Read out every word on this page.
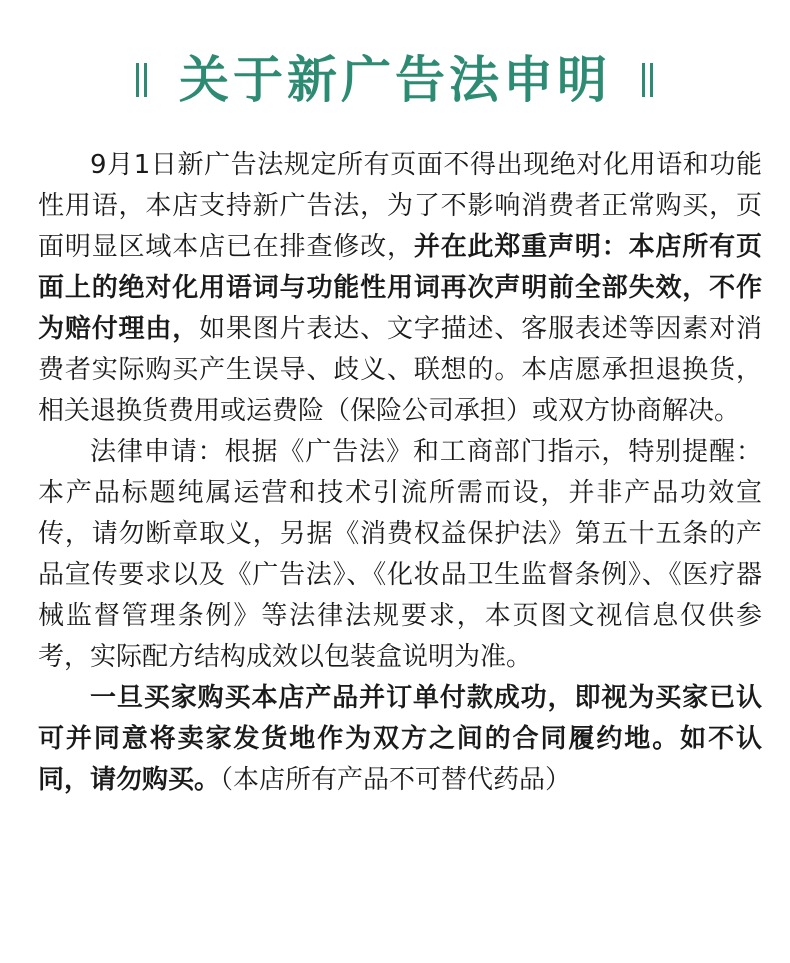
关于新广告法申明

9月1日新广告法规定所有页面不得出现绝对化用语和功能性用语，本店支持新广告法，为了不影响消费者正常购买，页面明显区域本店已在排查修改，并在此郑重声明：本店所有页面上的绝对化用语词与功能性用词再次声明前全部失效，不作为赔付理由，如果图片表达、文字描述、客服表述等因素对消费者实际购买产生误导、歧义、联想的。本店愿承担退换货，相关退换货费用或运费险（保险公司承担）或双方协商解决。

法律申请：根据《广告法》和工商部门指示，特别提醒：本产品标题纯属运营和技术引流所需而设，并非产品功效宣传，请勿断章取义，另据《消费权益保护法》第五十五条的产品宣传要求以及《广告法》、《化妆品卫生监督条例》、《医疗器械监督管理条例》等法律法规要求，本页图文视信息仅供参考，实际配方结构成效以包装盒说明为准。

一旦买家购买本店产品并订单付款成功，即视为买家已认可并同意将卖家发货地作为双方之间的合同履约地。如不认同，请勿购买。（本店所有产品不可替代药品）
